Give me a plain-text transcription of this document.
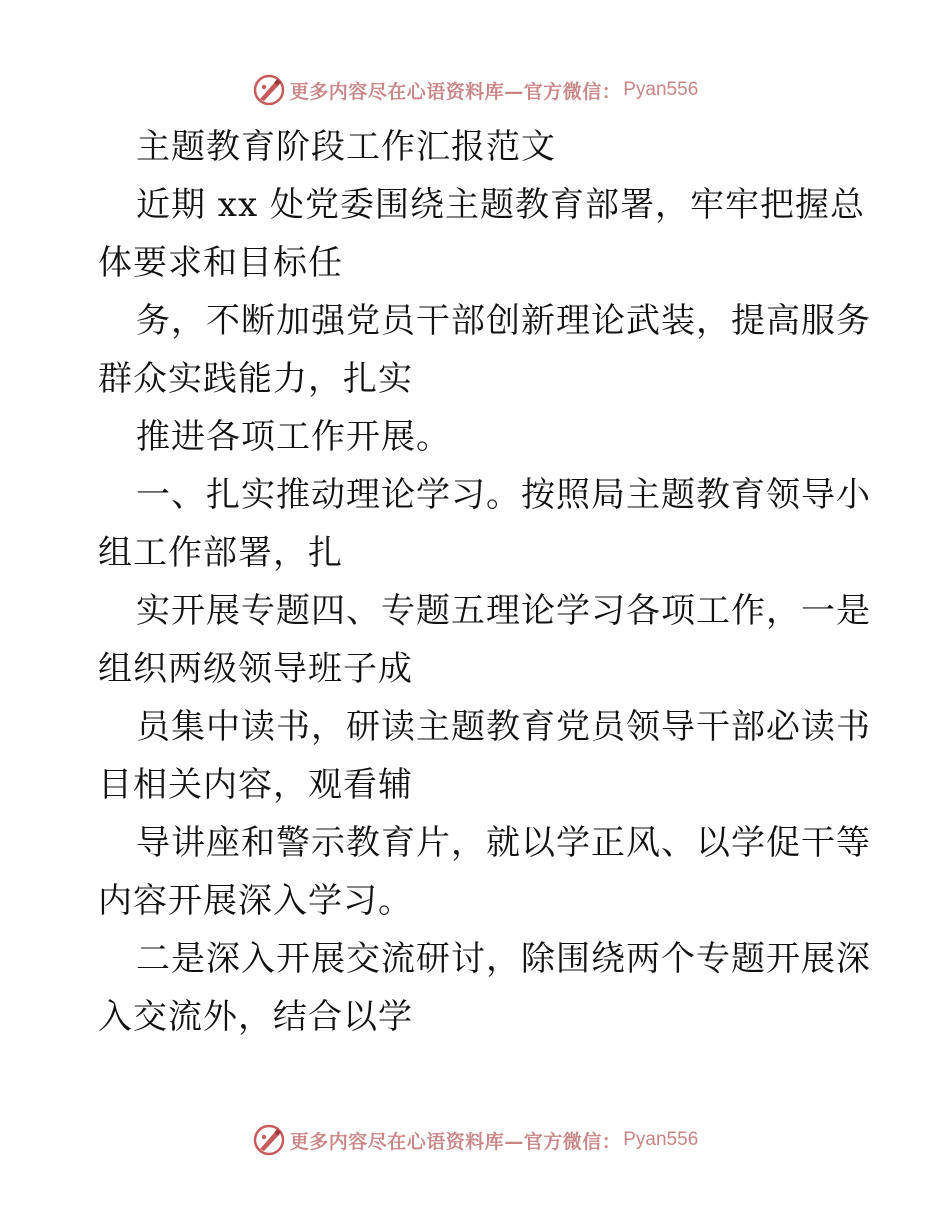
更多内容尽在心语资料库—官方微信： Pyan556
主题教育阶段工作汇报范文
近期 xx 处党委围绕主题教育部署，牢牢把握总
体要求和目标任
务，不断加强党员干部创新理论武装，提高服务
群众实践能力，扎实
推进各项工作开展。
一、扎实推动理论学习。按照局主题教育领导小
组工作部署，扎
实开展专题四、专题五理论学习各项工作，一是
组织两级领导班子成
员集中读书，研读主题教育党员领导干部必读书
目相关内容，观看辅
导讲座和警示教育片，就以学正风、以学促干等
内容开展深入学习。
二是深入开展交流研讨，除围绕两个专题开展深
入交流外，结合以学
更多内容尽在心语资料库—官方微信： Pyan556
